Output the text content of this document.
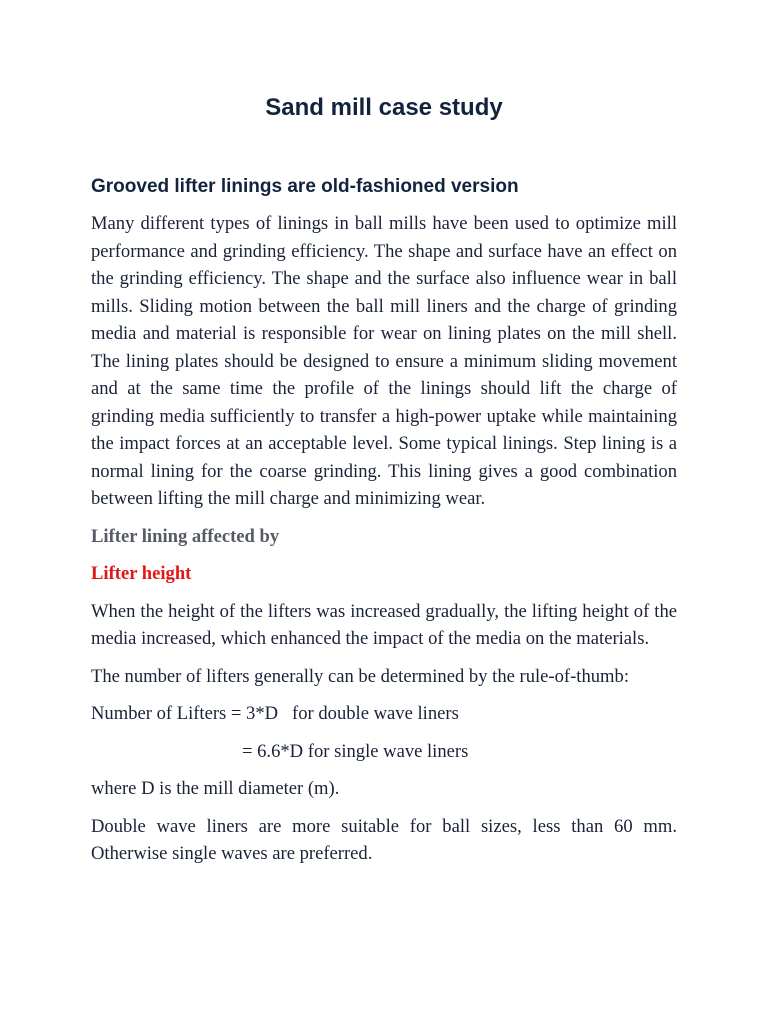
Sand mill case study
Grooved lifter linings are old-fashioned version

Many different types of linings in ball mills have been used to optimize mill performance and grinding efficiency. The shape and surface have an effect on the grinding efficiency. The shape and the surface also influence wear in ball mills. Sliding motion between the ball mill liners and the charge of grinding media and material is responsible for wear on lining plates on the mill shell. The lining plates should be designed to ensure a minimum sliding movement and at the same time the profile of the linings should lift the charge of grinding media sufficiently to transfer a high-power uptake while maintaining the impact forces at an acceptable level. Some typical linings. Step lining is a normal lining for the coarse grinding. This lining gives a good combination between lifting the mill charge and minimizing wear.

Lifter lining affected by

Lifter height

When the height of the lifters was increased gradually, the lifting height of the media increased, which enhanced the impact of the media on the materials.

The number of lifters generally can be determined by the rule-of-thumb:

Number of Lifters = 3*D   for double wave liners

= 6.6*D for single wave liners

where D is the mill diameter (m).

Double wave liners are more suitable for ball sizes, less than 60 mm. Otherwise single waves are preferred.
